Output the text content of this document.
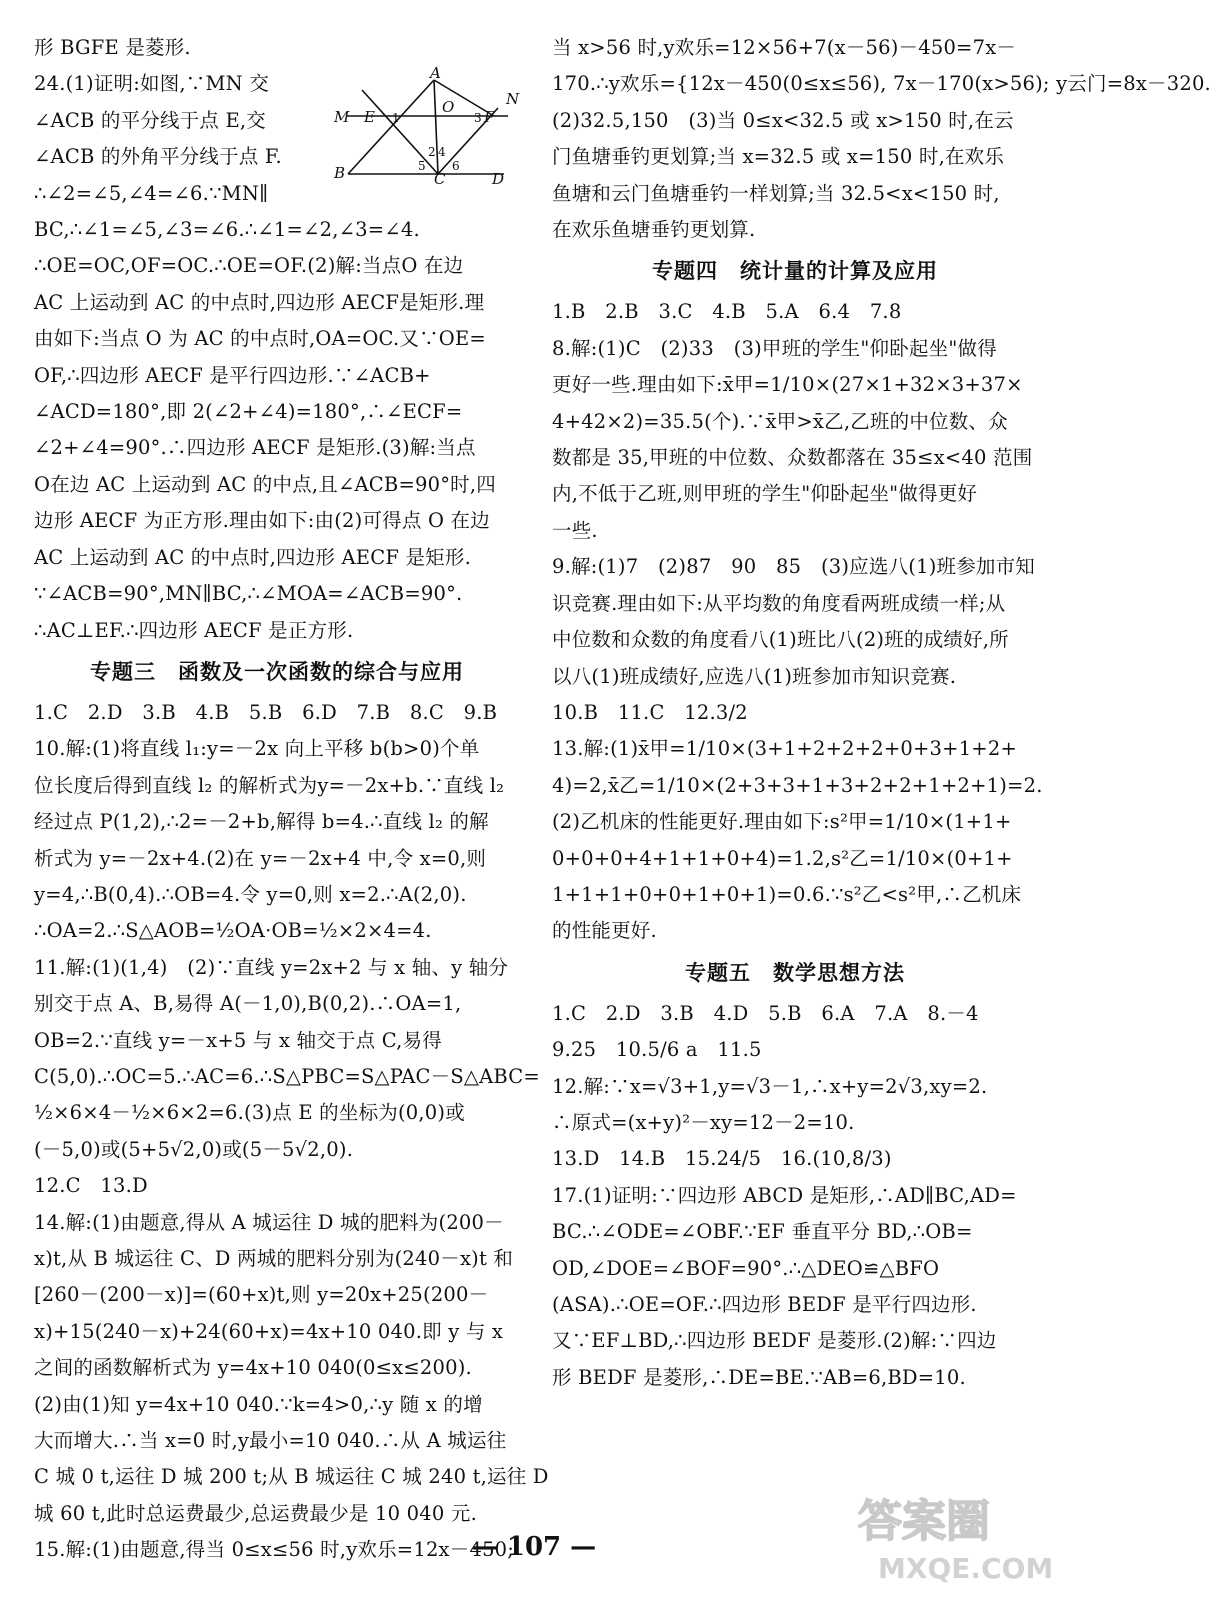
形 BGFE 是菱形.
24.(1)证明:如图,∵MN 交
∠ACB 的平分线于点 E,交
∠ACB 的外角平分线于点 F.
∴∠2=∠5,∠4=∠6.∵MN∥
BC,∴∠1=∠5,∠3=∠6.∴∠1=∠2,∠3=∠4.
∴OE=OC,OF=OC.∴OE=OF.(2)解:当点O 在边
AC 上运动到 AC 的中点时,四边形 AECF是矩形.理
由如下:当点 O 为 AC 的中点时,OA=OC.又∵OE=
OF,∴四边形 AECF 是平行四边形.∵∠ACB+
∠ACD=180°,即 2(∠2+∠4)=180°,∴∠ECF=
∠2+∠4=90°.∴四边形 AECF 是矩形.(3)解:当点
O在边 AC 上运动到 AC 的中点,且∠ACB=90°时,四
边形 AECF 为正方形.理由如下:由(2)可得点 O 在边
AC 上运动到 AC 的中点时,四边形 AECF 是矩形.
∵∠ACB=90°,MN∥BC,∴∠MOA=∠ACB=90°.
∴AC⊥EF.∴四边形 AECF 是正方形.
专题三　函数及一次函数的综合与应用
1.C　2.D　3.B　4.B　5.B　6.D　7.B　8.C　9.B
10.解:(1)将直线 l₁:y=－2x 向上平移 b(b>0)个单
位长度后得到直线 l₂ 的解析式为y=－2x+b.∵直线 l₂
经过点 P(1,2),∴2=－2+b,解得 b=4.∴直线 l₂ 的解
析式为 y=－2x+4.(2)在 y=－2x+4 中,令 x=0,则
y=4,∴B(0,4).∴OB=4.令 y=0,则 x=2.∴A(2,0).
∴OA=2.∴S△AOB=½OA·OB=½×2×4=4.
11.解:(1)(1,4)　(2)∵直线 y=2x+2 与 x 轴、y 轴分
别交于点 A、B,易得 A(－1,0),B(0,2).∴OA=1,
OB=2.∵直线 y=－x+5 与 x 轴交于点 C,易得
C(5,0).∴OC=5.∴AC=6.∴S△PBC=S△PAC－S△ABC=
½×6×4－½×6×2=6.(3)点 E 的坐标为(0,0)或
(－5,0)或(5+5√2,0)或(5－5√2,0).
12.C　13.D
14.解:(1)由题意,得从 A 城运往 D 城的肥料为(200－
x)t,从 B 城运往 C、D 两城的肥料分别为(240－x)t 和
[260－(200－x)]=(60+x)t,则 y=20x+25(200－
x)+15(240－x)+24(60+x)=4x+10 040.即 y 与 x
之间的函数解析式为 y=4x+10 040(0≤x≤200).
(2)由(1)知 y=4x+10 040.∵k=4>0,∴y 随 x 的增
大而增大.∴当 x=0 时,y最小=10 040.∴从 A 城运往
C 城 0 t,运往 D 城 200 t;从 B 城运往 C 城 240 t,运往 D
城 60 t,此时总运费最少,总运费最少是 10 040 元.
15.解:(1)由题意,得当 0≤x≤56 时,y欢乐=12x－450;
当 x>56 时,y欢乐=12×56+7(x－56)－450=7x－
170.∴y欢乐={12x－450(0≤x≤56), 7x－170(x>56); y云门=8x－320.
(2)32.5,150　(3)当 0≤x<32.5 或 x>150 时,在云
门鱼塘垂钓更划算;当 x=32.5 或 x=150 时,在欢乐
鱼塘和云门鱼塘垂钓一样划算;当 32.5<x<150 时,
在欢乐鱼塘垂钓更划算.
专题四　统计量的计算及应用
1.B　2.B　3.C　4.B　5.A　6.4　7.8
8.解:(1)C　(2)33　(3)甲班的学生"仰卧起坐"做得
更好一些.理由如下:x̄甲=1/10×(27×1+32×3+37×
4+42×2)=35.5(个).∵x̄甲>x̄乙,乙班的中位数、众
数都是 35,甲班的中位数、众数都落在 35≤x<40 范围
内,不低于乙班,则甲班的学生"仰卧起坐"做得更好
一些.
9.解:(1)7　(2)87　90　85　(3)应选八(1)班参加市知
识竞赛.理由如下:从平均数的角度看两班成绩一样;从
中位数和众数的角度看八(1)班比八(2)班的成绩好,所
以八(1)班成绩好,应选八(1)班参加市知识竞赛.
10.B　11.C　12.3/2
13.解:(1)x̄甲=1/10×(3+1+2+2+2+0+3+1+2+
4)=2,x̄乙=1/10×(2+3+3+1+3+2+2+1+2+1)=2.
(2)乙机床的性能更好.理由如下:s²甲=1/10×(1+1+
0+0+0+4+1+1+0+4)=1.2,s²乙=1/10×(0+1+
1+1+1+0+0+1+0+1)=0.6.∵s²乙<s²甲,∴乙机床
的性能更好.
专题五　数学思想方法
1.C　2.D　3.B　4.D　5.B　6.A　7.A　8.－4
9.25　10.5/6 a　11.5
12.解:∵x=√3+1,y=√3－1,∴x+y=2√3,xy=2.
∴原式=(x+y)²－xy=12－2=10.
13.D　14.B　15.24/5　16.(10,8/3)
17.(1)证明:∵四边形 ABCD 是矩形,∴AD∥BC,AD=
BC.∴∠ODE=∠OBF.∵EF 垂直平分 BD,∴OB=
OD,∠DOE=∠BOF=90°.∴△DEO≌△BFO
(ASA).∴OE=OF.∴四边形 BEDF 是平行四边形.
又∵EF⊥BD,∴四边形 BEDF 是菱形.(2)解:∵四边
形 BEDF 是菱形,∴DE=BE.∵AB=6,BD=10.
A
O	N
M E 1	3 F
2 4
5 6
B	C	D
— 107 —	答案圈
MXQE.COM
